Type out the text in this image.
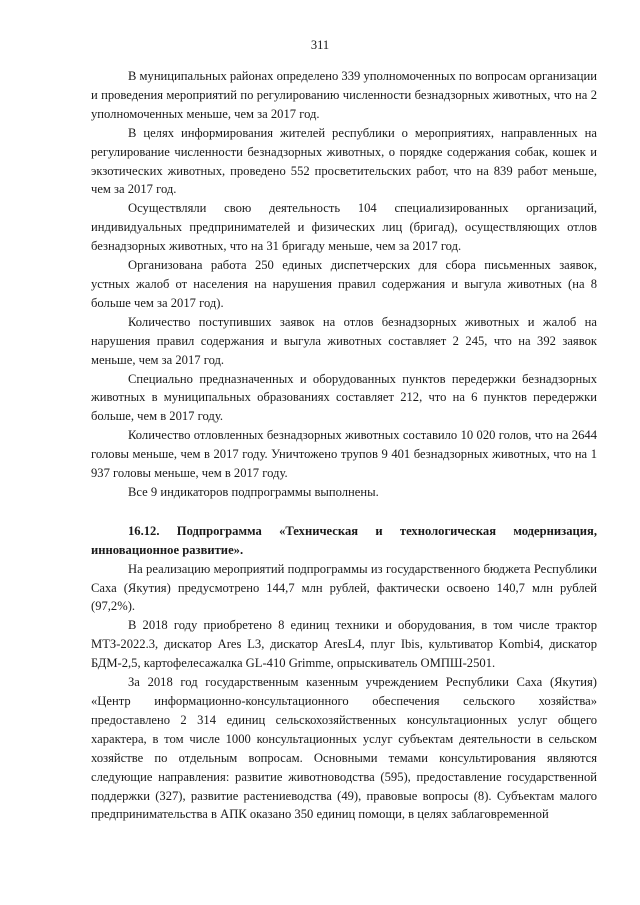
311

В муниципальных районах определено 339 уполномоченных по вопросам организации и проведения мероприятий по регулированию численности безнадзорных животных, что на 2 уполномоченных меньше, чем за 2017 год.

В целях информирования жителей республики о мероприятиях, направленных на регулирование численности безнадзорных животных, о порядке содержания собак, кошек и экзотических животных, проведено 552 просветительских работ, что на 839 работ меньше, чем за 2017 год.

Осуществляли свою деятельность 104 специализированных организаций, индивидуальных предпринимателей и физических лиц (бригад), осуществляющих отлов безнадзорных животных, что на 31 бригаду меньше, чем за 2017 год.

Организована работа 250 единых диспетчерских для сбора письменных заявок, устных жалоб от населения на нарушения правил содержания и выгула животных (на 8 больше чем за 2017 год).

Количество поступивших заявок на отлов безнадзорных животных и жалоб на нарушения правил содержания и выгула животных составляет 2 245, что на 392 заявок меньше, чем за 2017 год.

Специально предназначенных и оборудованных пунктов передержки безнадзорных животных в муниципальных образованиях составляет 212, что на 6 пунктов передержки больше, чем в 2017 году.

Количество отловленных безнадзорных животных составило 10 020 голов, что на 2644 головы меньше, чем в 2017 году. Уничтожено трупов 9 401 безнадзорных животных, что на 1 937 головы меньше, чем в 2017 году.

Все 9 индикаторов подпрограммы выполнены.

16.12. Подпрограмма «Техническая и технологическая модернизация, инновационное развитие».

На реализацию мероприятий подпрограммы из государственного бюджета Республики Саха (Якутия) предусмотрено 144,7 млн рублей, фактически освоено 140,7 млн рублей (97,2%).

В 2018 году приобретено 8 единиц техники и оборудования, в том числе трактор МТЗ-2022.3, дискатор Ares L3, дискатор AresL4, плуг Ibis, культиватор Kombi4, дискатор БДМ-2,5, картофелесажалка GL-410 Grimme, опрыскиватель ОМПШ-2501.

За 2018 год государственным казенным учреждением Республики Саха (Якутия) «Центр информационно-консультационного обеспечения сельского хозяйства» предоставлено 2 314 единиц сельскохозяйственных консультационных услуг общего характера, в том числе 1000 консультационных услуг субъектам деятельности в сельском хозяйстве по отдельным вопросам. Основными темами консультирования являются следующие направления: развитие животноводства (595), предоставление государственной поддержки (327), развитие растениеводства (49), правовые вопросы (8). Субъектам малого предпринимательства в АПК оказано 350 единиц помощи, в целях заблаговременной
